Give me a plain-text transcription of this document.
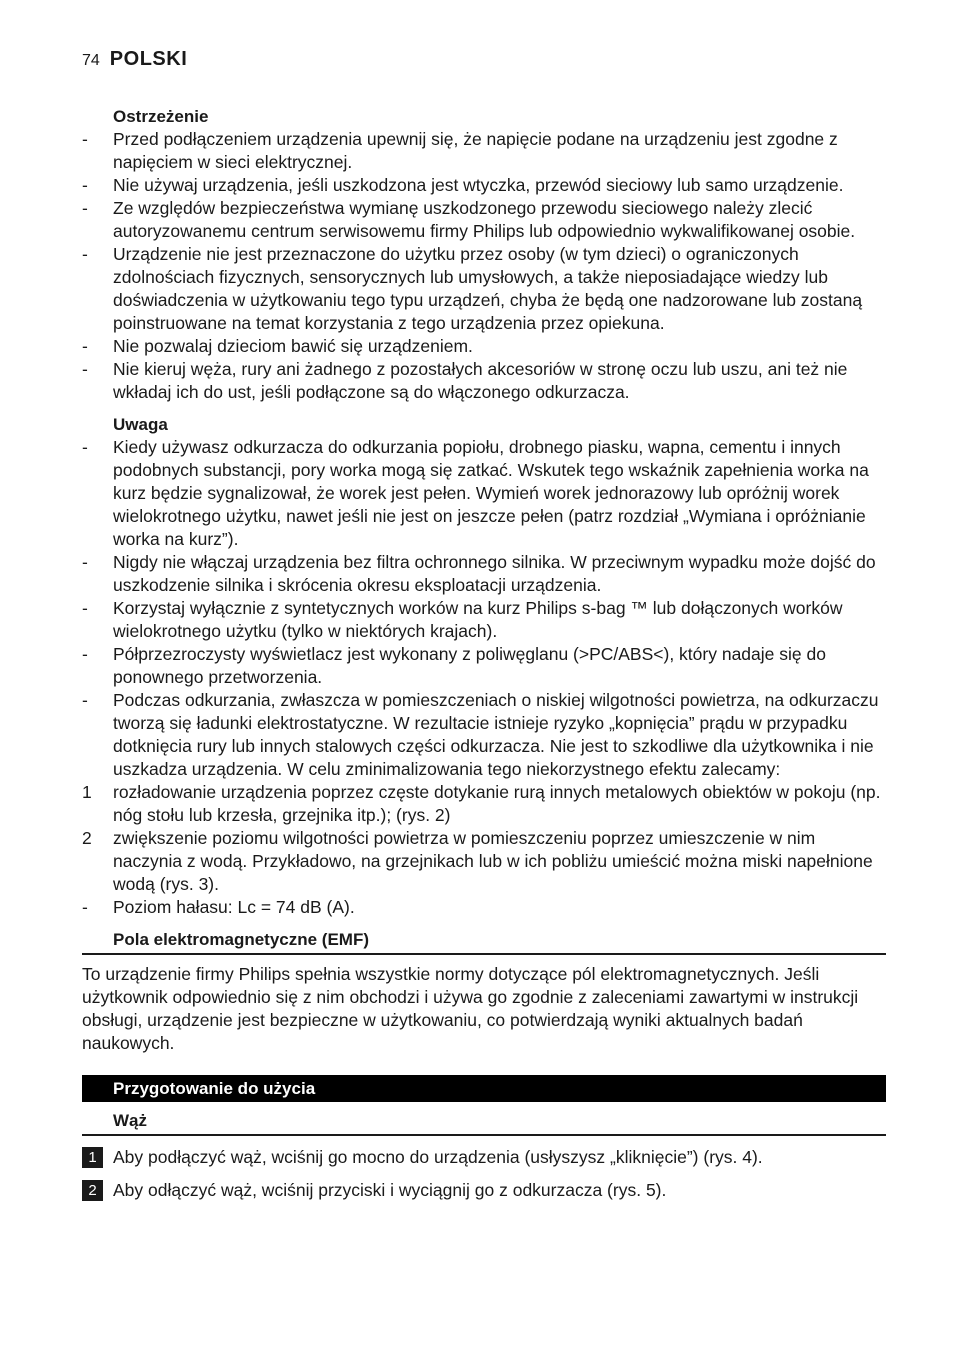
74 POLSKI
Ostrzeżenie
-	Przed podłączeniem urządzenia upewnij się, że napięcie podane na urządzeniu jest zgodne z napięciem w sieci elektrycznej.
-	Nie używaj urządzenia, jeśli uszkodzona jest wtyczka, przewód sieciowy lub samo urządzenie.
-	Ze względów bezpieczeństwa wymianę uszkodzonego przewodu sieciowego należy zlecić autoryzowanemu centrum serwisowemu firmy Philips lub odpowiednio wykwalifikowanej osobie.
-	Urządzenie nie jest przeznaczone do użytku przez osoby (w tym dzieci) o ograniczonych zdolnościach fizycznych, sensorycznych lub umysłowych, a także nieposiadające wiedzy lub doświadczenia w użytkowaniu tego typu urządzeń, chyba że będą one nadzorowane lub zostaną poinstruowane na temat korzystania z tego urządzenia przez opiekuna.
-	Nie pozwalaj dzieciom bawić się urządzeniem.
-	Nie kieruj węża, rury ani żadnego z pozostałych akcesoriów w stronę oczu lub uszu, ani też nie wkładaj ich do ust, jeśli podłączone są do włączonego odkurzacza.
Uwaga
-	Kiedy używasz odkurzacza do odkurzania popiołu, drobnego piasku, wapna, cementu i innych podobnych substancji, pory worka mogą się zatkać. Wskutek tego wskaźnik zapełnienia worka na kurz będzie sygnalizował, że worek jest pełen. Wymień worek jednorazowy lub opróżnij worek wielokrotnego użytku, nawet jeśli nie jest on jeszcze pełen (patrz rozdział „Wymiana i opróżnianie worka na kurz”).
-	Nigdy nie włączaj urządzenia bez filtra ochronnego silnika. W przeciwnym wypadku może dojść do uszkodzenie silnika i skrócenia okresu eksploatacji urządzenia.
-	Korzystaj wyłącznie z syntetycznych worków na kurz Philips s-bag ™ lub dołączonych worków wielokrotnego użytku (tylko w niektórych krajach).
-	Półprzezroczysty wyświetlacz jest wykonany z poliwęglanu (>PC/ABS<), który nadaje się do ponownego przetworzenia.
-	Podczas odkurzania, zwłaszcza w pomieszczeniach o niskiej wilgotności powietrza, na odkurzaczu tworzą się ładunki elektrostatyczne. W rezultacie istnieje ryzyko „kopnięcia” prądu w przypadku dotknięcia rury lub innych stalowych części odkurzacza. Nie jest to szkodliwe dla użytkownika i nie uszkadza urządzenia. W celu zminimalizowania tego niekorzystnego efektu zalecamy:
1	rozładowanie urządzenia poprzez częste dotykanie rurą innych metalowych obiektów w pokoju (np. nóg stołu lub krzesła, grzejnika itp.); (rys. 2)
2	zwiększenie poziomu wilgotności powietrza w pomieszczeniu poprzez umieszczenie w nim naczynia z wodą. Przykładowo, na grzejnikach lub w ich pobliżu umieścić można miski napełnione wodą (rys. 3).
-	Poziom hałasu: Lc = 74 dB (A).
Pola elektromagnetyczne (EMF)
To urządzenie firmy Philips spełnia wszystkie normy dotyczące pól elektromagnetycznych. Jeśli użytkownik odpowiednio się z nim obchodzi i używa go zgodnie z zaleceniami zawartymi w instrukcji obsługi, urządzenie jest bezpieczne w użytkowaniu, co potwierdzają wyniki aktualnych badań naukowych.
Przygotowanie do użycia
Wąż
1 Aby podłączyć wąż, wciśnij go mocno do urządzenia (usłyszysz „kliknięcie”) (rys. 4).
2 Aby odłączyć wąż, wciśnij przyciski i wyciągnij go z odkurzacza (rys. 5).
